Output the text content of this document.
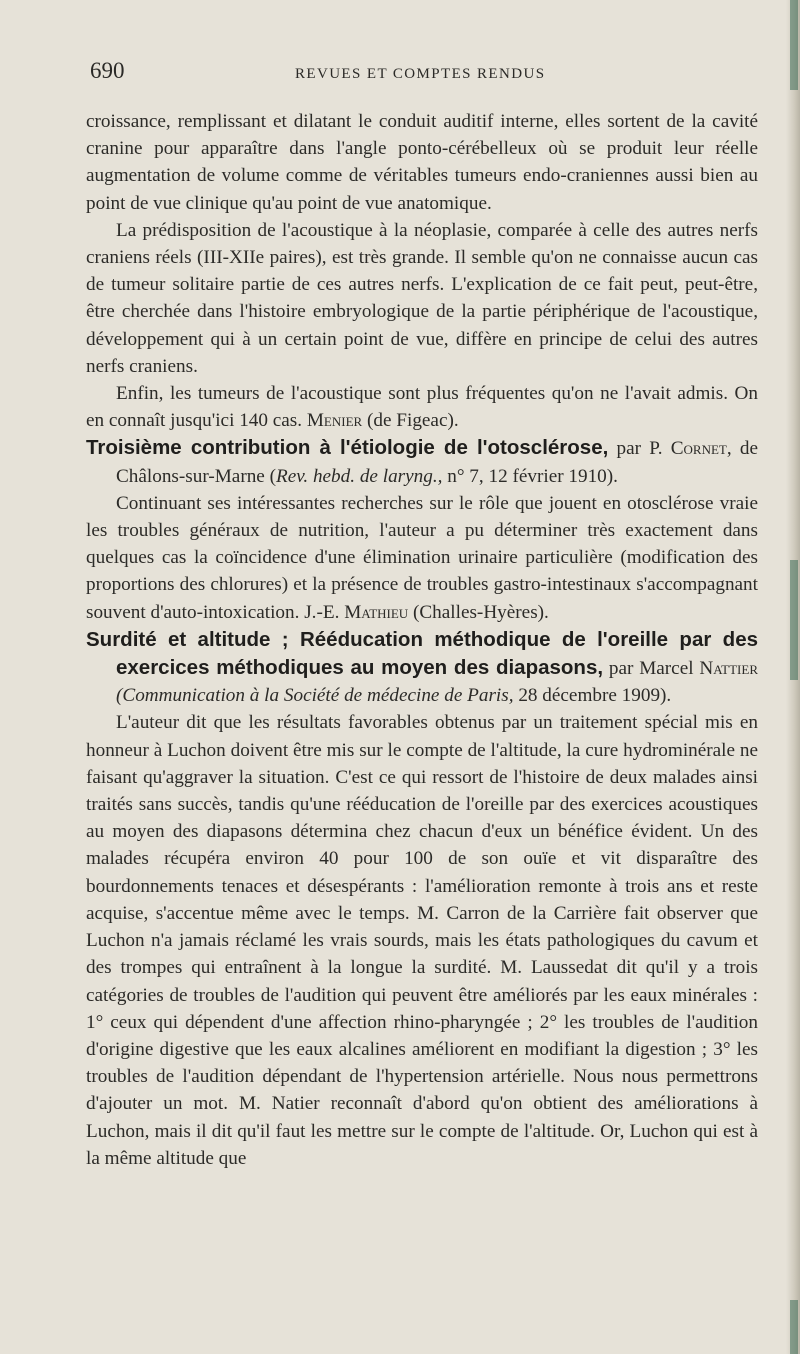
690	REVUES ET COMPTES RENDUS

croissance, remplissant et dilatant le conduit auditif interne, elles sortent de la cavité cranine pour apparaître dans l'angle ponto-cérébelleux où se produit leur réelle augmentation de volume comme de véritables tumeurs endo-craniennes aussi bien au point de vue clinique qu'au point de vue anatomique.

La prédisposition de l'acoustique à la néoplasie, comparée à celle des autres nerfs craniens réels (III-XIIe paires), est très grande. Il semble qu'on ne connaisse aucun cas de tumeur solitaire partie de ces autres nerfs. L'explication de ce fait peut, peut-être, être cherchée dans l'histoire embryologique de la partie périphérique de l'acoustique, développement qui à un certain point de vue, diffère en principe de celui des autres nerfs craniens.

Enfin, les tumeurs de l'acoustique sont plus fréquentes qu'on ne l'avait admis. On en connaît jusqu'ici 140 cas. Menier (de Figeac).

Troisième contribution à l'étiologie de l'otosclérose, par P. Cornet, de Châlons-sur-Marne (Rev. hebd. de laryng., n° 7, 12 février 1910).

Continuant ses intéressantes recherches sur le rôle que jouent en otosclérose vraie les troubles généraux de nutrition, l'auteur a pu déterminer très exactement dans quelques cas la coïncidence d'une élimination urinaire particulière (modification des proportions des chlorures) et la présence de troubles gastro-intestinaux s'accompagnant souvent d'auto-intoxication. J.-E. Mathieu (Challes-Hyères).

Surdité et altitude ; Rééducation méthodique de l'oreille par des exercices méthodiques au moyen des diapasons, par Marcel Nattier (Communication à la Société de médecine de Paris, 28 décembre 1909).

L'auteur dit que les résultats favorables obtenus par un traitement spécial mis en honneur à Luchon doivent être mis sur le compte de l'altitude, la cure hydrominérale ne faisant qu'aggraver la situation. C'est ce qui ressort de l'histoire de deux malades ainsi traités sans succès, tandis qu'une rééducation de l'oreille par des exercices acoustiques au moyen des diapasons détermina chez chacun d'eux un bénéfice évident. Un des malades récupéra environ 40 pour 100 de son ouïe et vit disparaître des bourdonnements tenaces et désespérants : l'amélioration remonte à trois ans et reste acquise, s'accentue même avec le temps. M. Carron de la Carrière fait observer que Luchon n'a jamais réclamé les vrais sourds, mais les états pathologiques du cavum et des trompes qui entraînent à la longue la surdité. M. Laussedat dit qu'il y a trois catégories de troubles de l'audition qui peuvent être améliorés par les eaux minérales : 1° ceux qui dépendent d'une affection rhino-pharyngée ; 2° les troubles de l'audition d'origine digestive que les eaux alcalines améliorent en modifiant la digestion ; 3° les troubles de l'audition dépendant de l'hypertension artérielle. Nous nous permettrons d'ajouter un mot. M. Natier reconnaît d'abord qu'on obtient des améliorations à Luchon, mais il dit qu'il faut les mettre sur le compte de l'altitude. Or, Luchon qui est à la même altitude que
